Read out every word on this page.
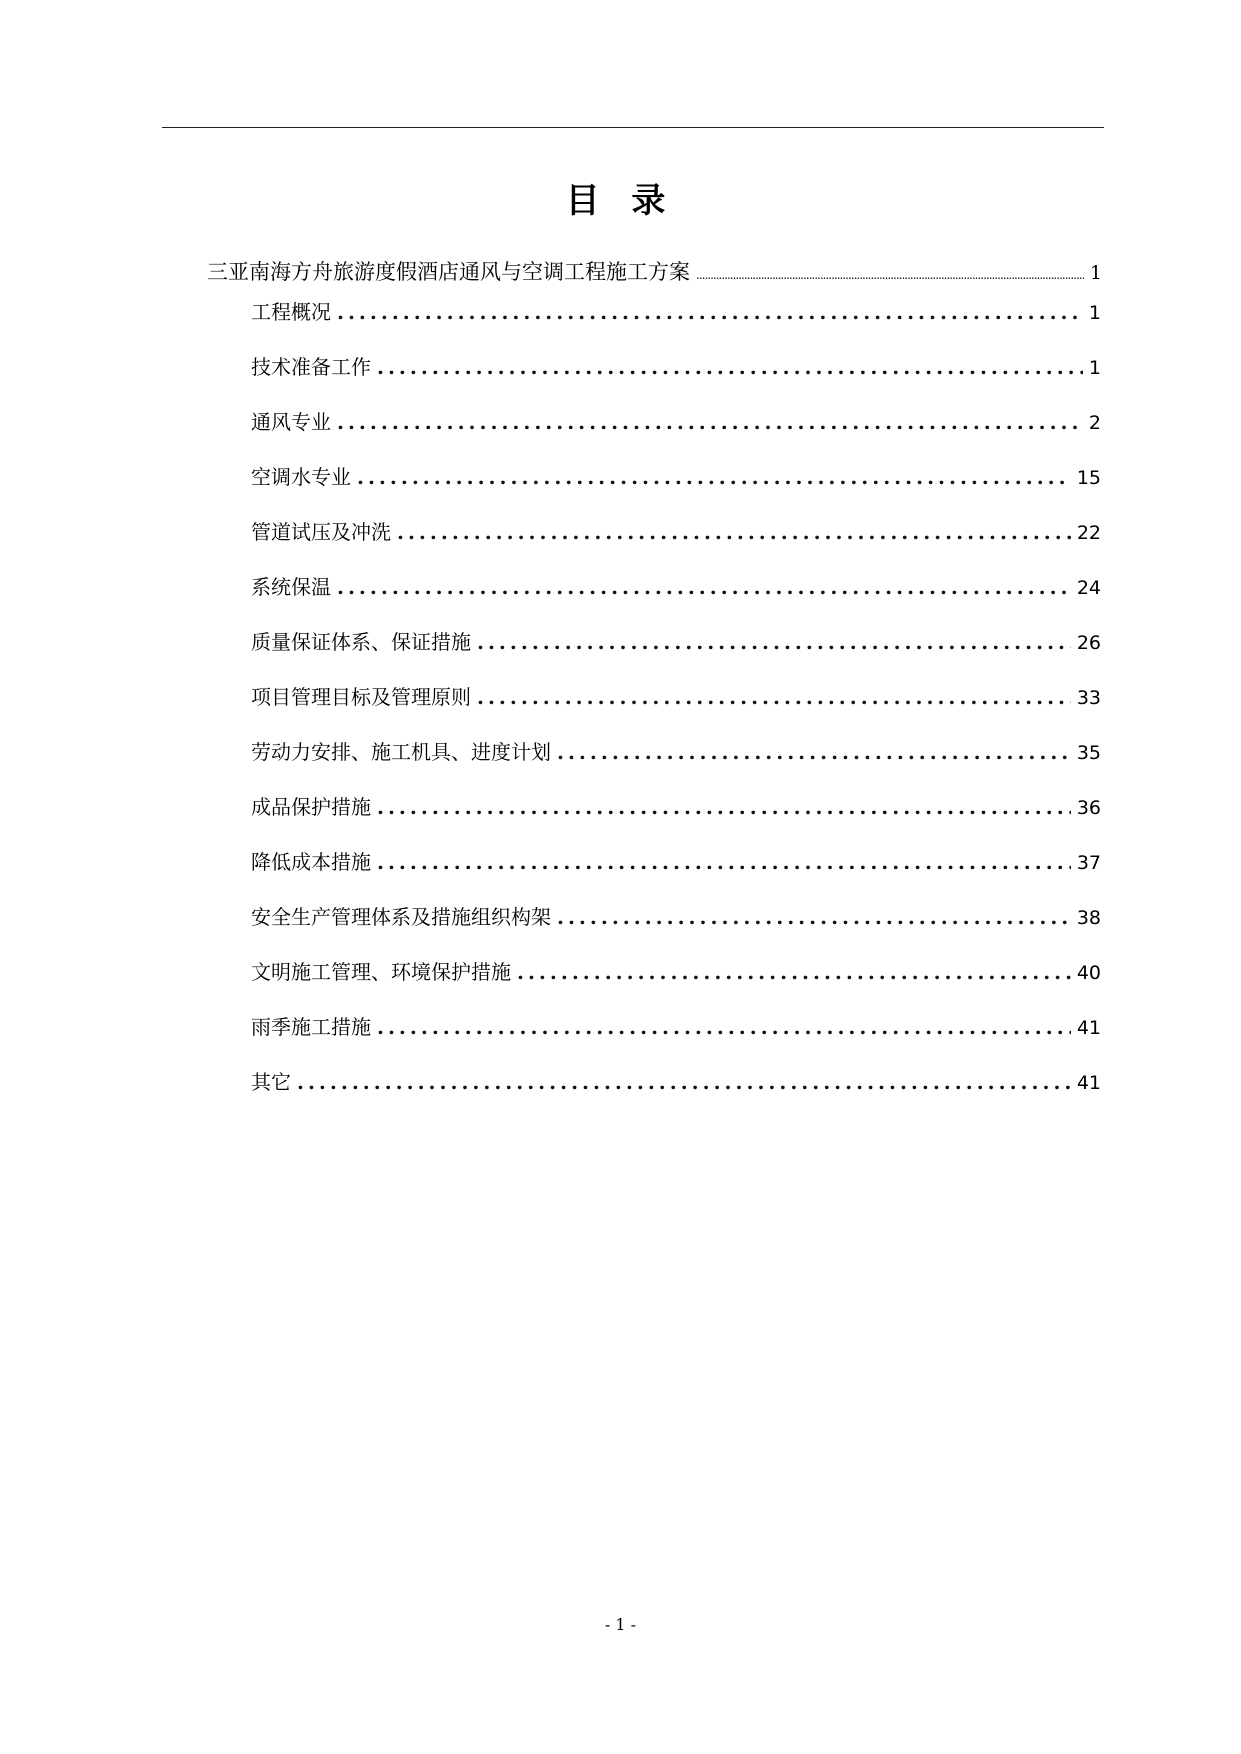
目 录
三亚南海方舟旅游度假酒店通风与空调工程施工方案 .....	1
工程概况 .....	1
技术准备工作 .....	1
通风专业 .....	2
空调水专业 .....	15
管道试压及冲洗 .....	22
系统保温 .....	24
质量保证体系、保证措施 .....	26
项目管理目标及管理原则 .....	33
劳动力安排、施工机具、进度计划 .....	35
成品保护措施 .....	36
降低成本措施 .....	37
安全生产管理体系及措施组织构架 .....	38
文明施工管理、环境保护措施 .....	40
雨季施工措施 .....	41
其它 .....	41
- 1 -
